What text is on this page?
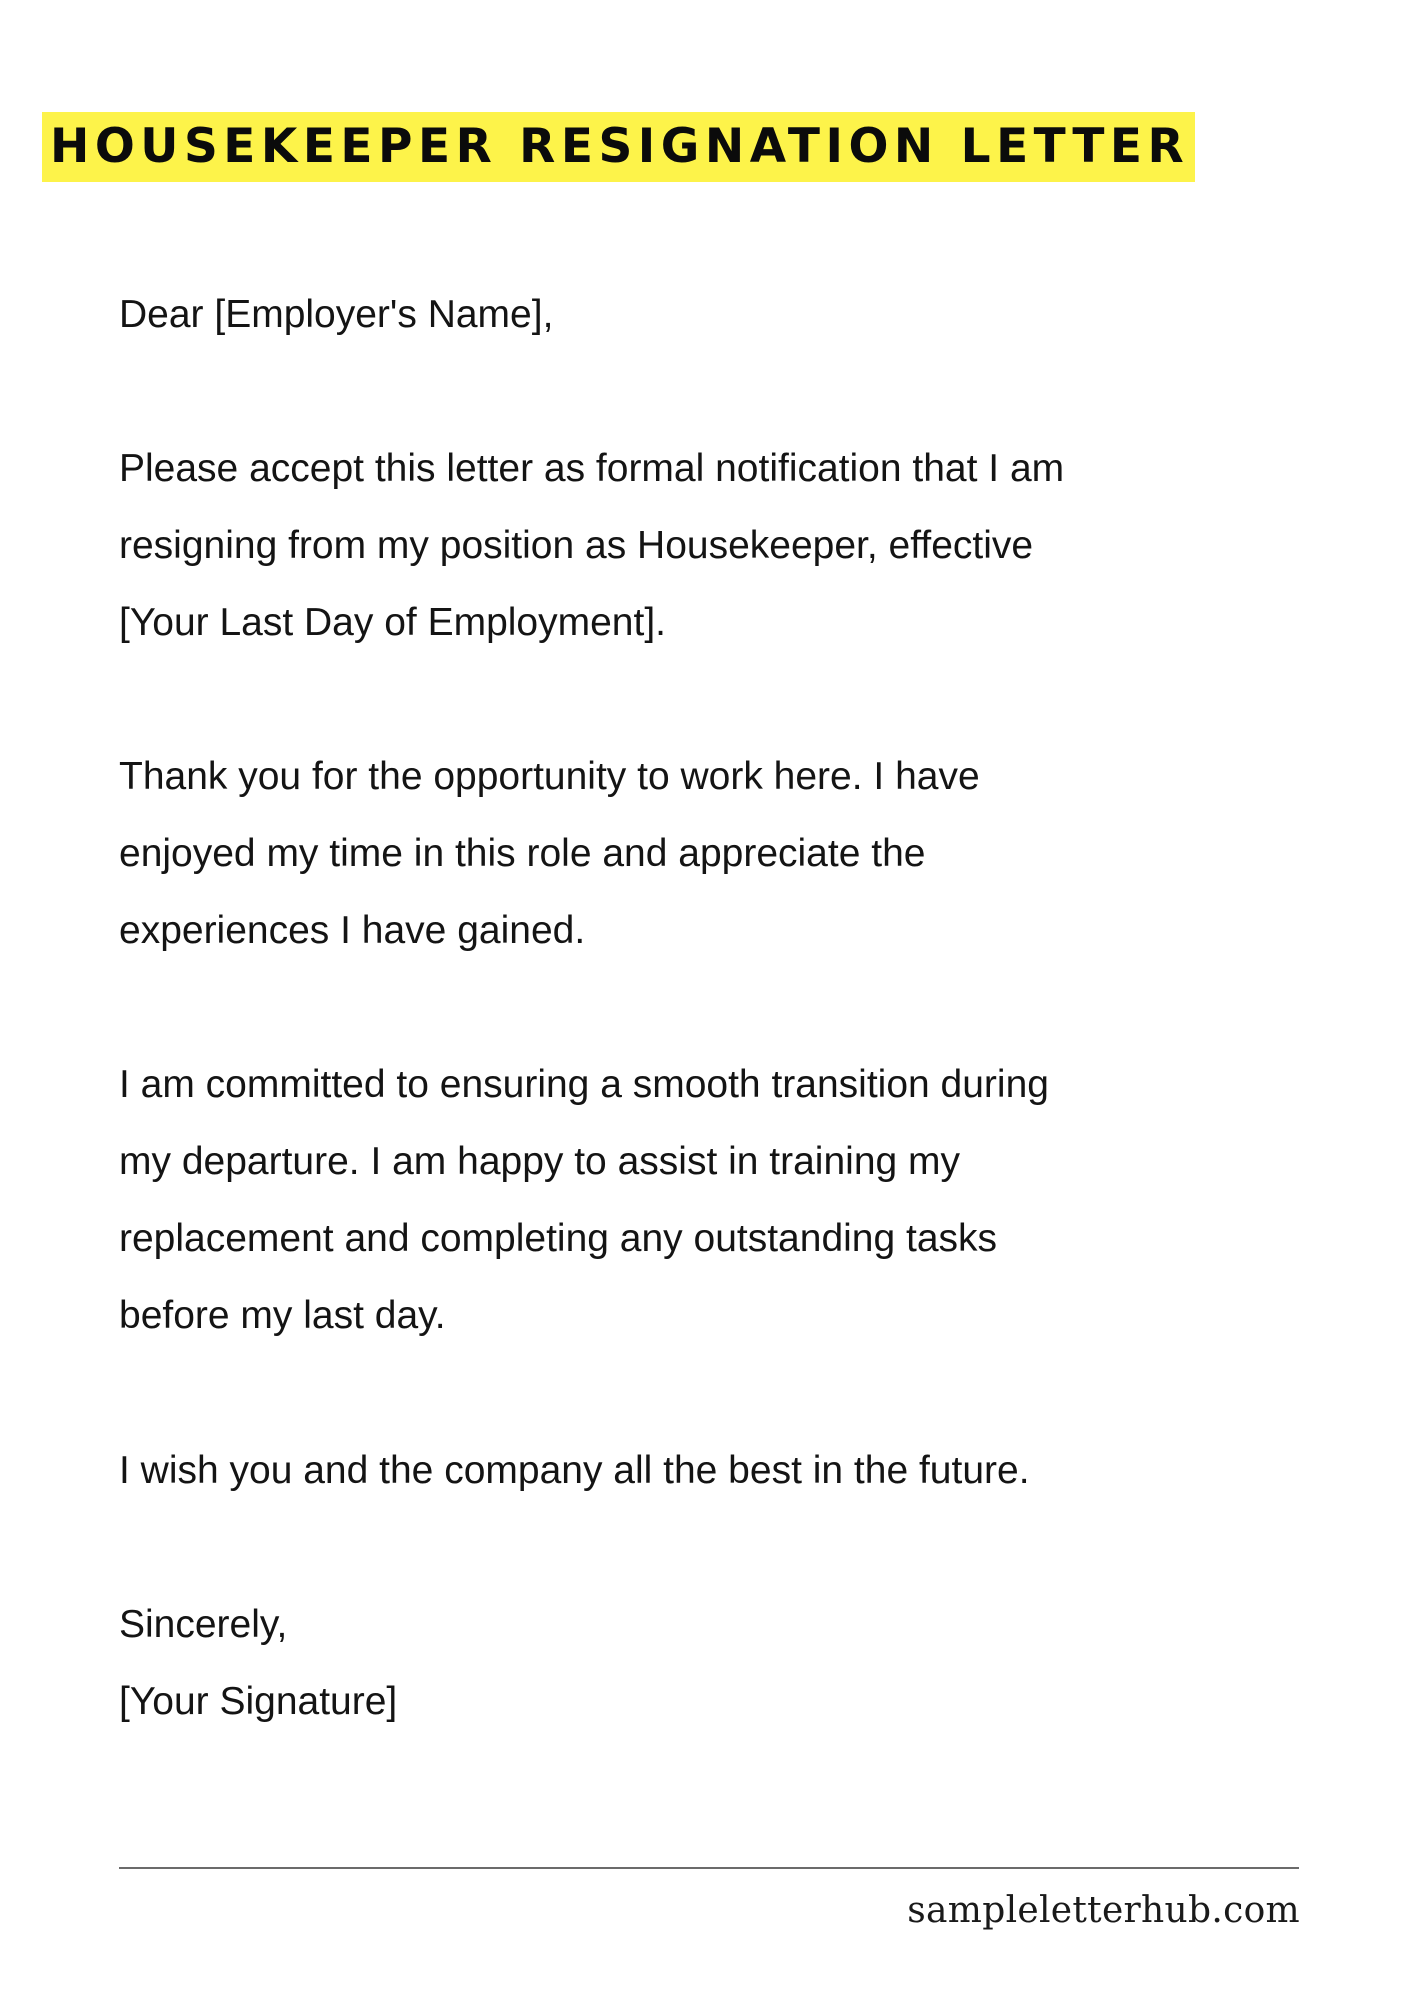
HOUSEKEEPER RESIGNATION LETTER

Dear [Employer's Name],

Please accept this letter as formal notification that I am
resigning from my position as Housekeeper, effective
[Your Last Day of Employment].

Thank you for the opportunity to work here. I have
enjoyed my time in this role and appreciate the
experiences I have gained.

I am committed to ensuring a smooth transition during
my departure. I am happy to assist in training my
replacement and completing any outstanding tasks
before my last day.

I wish you and the company all the best in the future.

Sincerely,

[Your Signature]

sampleletterhub.com
